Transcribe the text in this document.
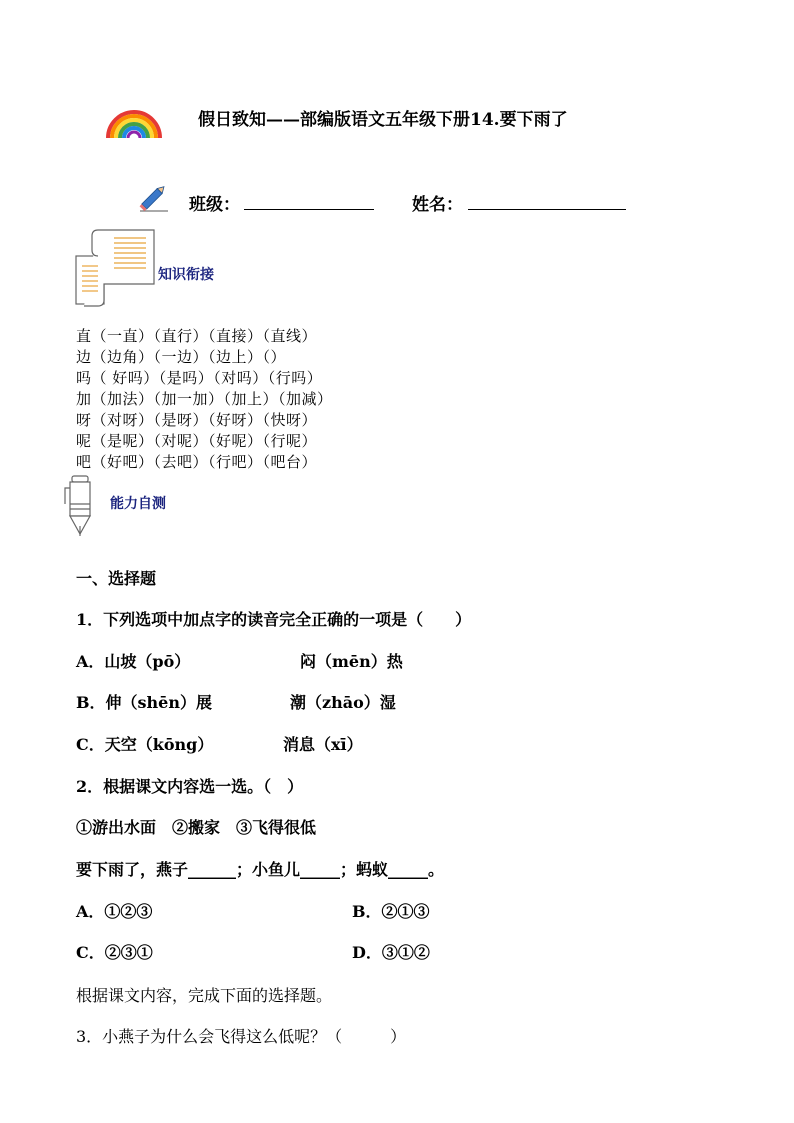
假日致知——部编版语文五年级下册14.要下雨了
班级：	姓名：
知识衔接
直（一直）（直行）（直接）（直线）
边（边角）（一边）（边上）（）
吗（ 好吗）（是吗）（对吗）（行吗）
加（加法）（加一加）（加上）（加减）
呀（对呀）（是呀）（好呀）（快呀）
呢（是呢）（对呢）（好呢）（行呢）
吧（好吧）（去吧）（行吧）（吧台）
能力自测
一、选择题
1．下列选项中加点字的读音完全正确的一项是（　　）
A．山坡（pō）	闷（mēn）热
B．伸（shēn）展	潮（zhāo）湿
C．天空（kōng）	消息（xī）
2．根据课文内容选一选。（　）
①游出水面　②搬家　③飞得很低
要下雨了，燕子______；小鱼儿_____；蚂蚁_____。
A．①②③	B．②①③
C．②③①	D．③①②
根据课文内容，完成下面的选择题。
3．小燕子为什么会飞得这么低呢？（　　　）
